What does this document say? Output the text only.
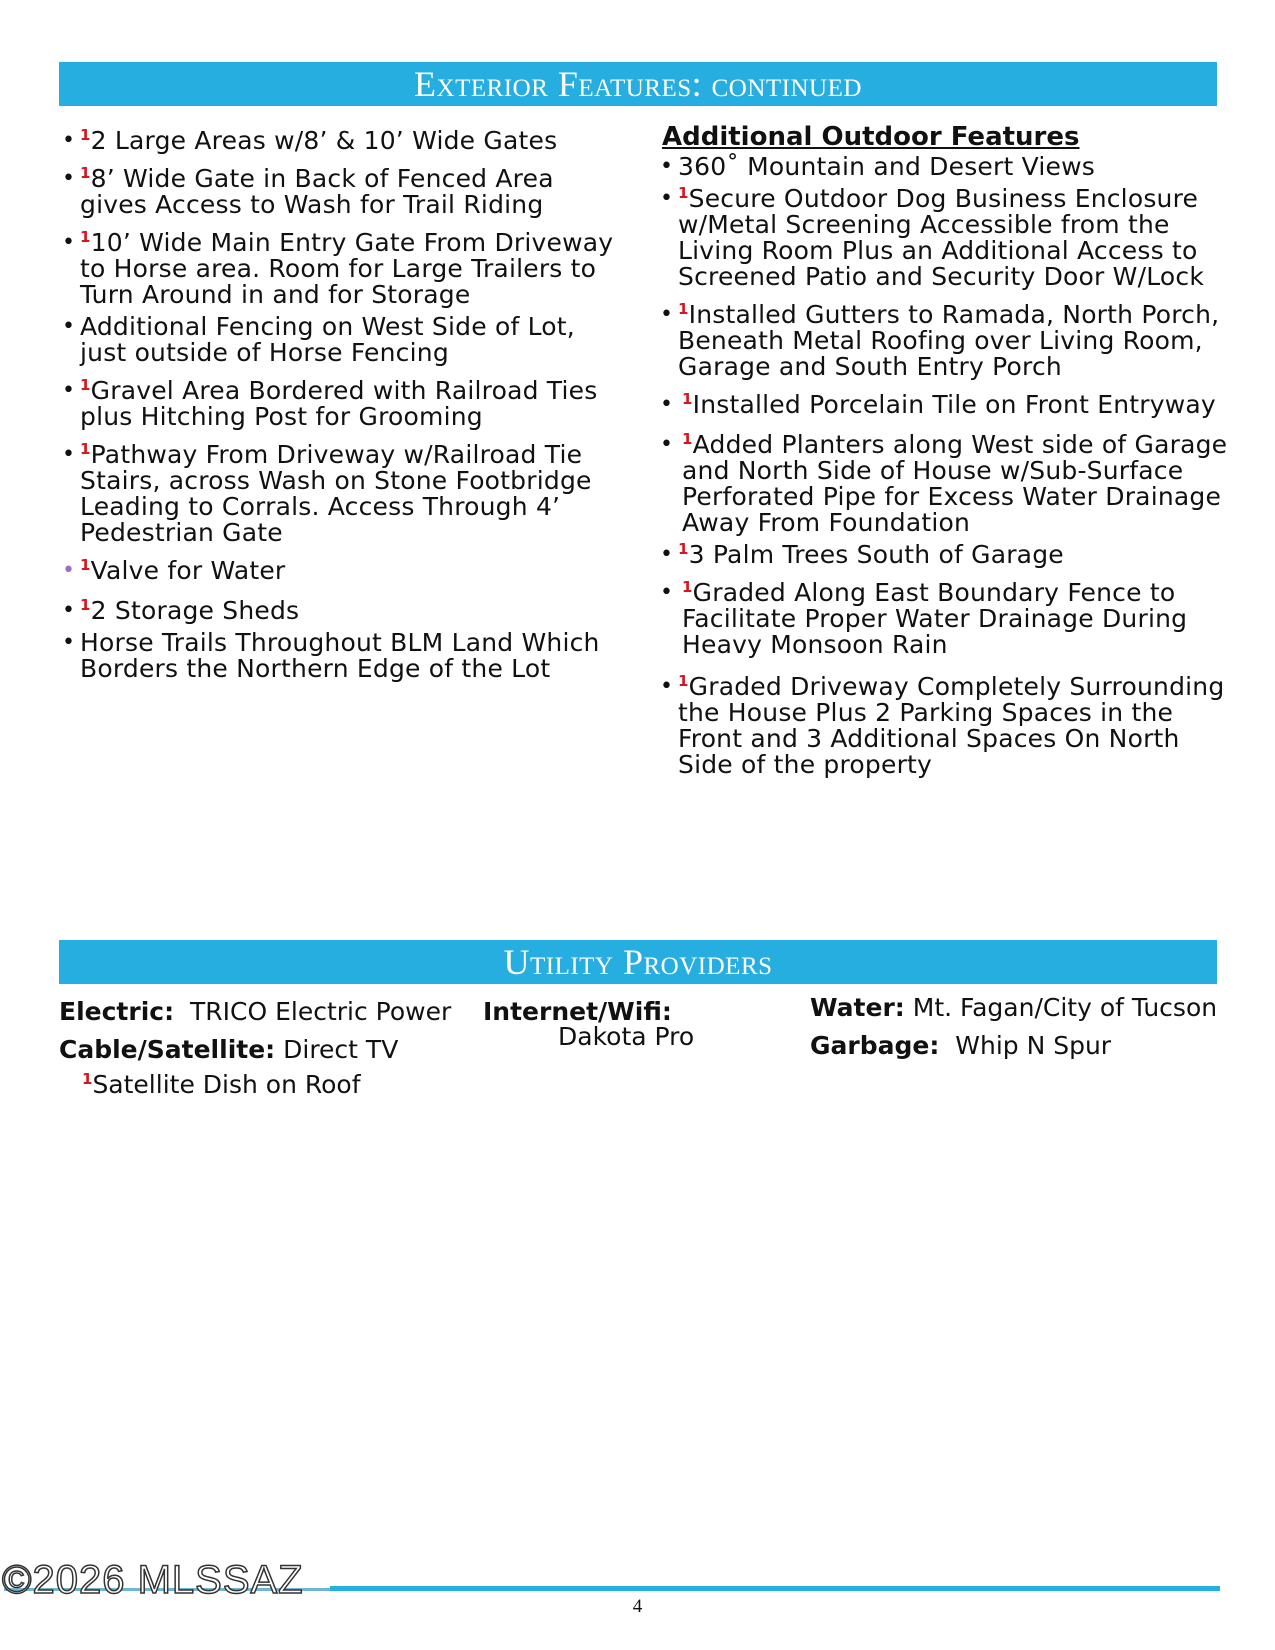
Exterior Features: continued
• $^1$2 Large Areas w/8’ & 10’ Wide Gates
• $^1$8’ Wide Gate in Back of Fenced Area gives Access to Wash for Trail Riding
• $^1$10’ Wide Main Entry Gate From Driveway to Horse area. Room for Large Trailers to Turn Around in and for Storage
• Additional Fencing on West Side of Lot, just outside of Horse Fencing
• $^1$Gravel Area Bordered with Railroad Ties plus Hitching Post for Grooming
• $^1$Pathway From Driveway w/Railroad Tie Stairs, across Wash on Stone Footbridge Leading to Corrals. Access Through 4’ Pedestrian Gate
• $^1$Valve for Water
• $^1$2 Storage Sheds
• Horse Trails Throughout BLM Land Which Borders the Northern Edge of the Lot
Additional Outdoor Features
• 360˚ Mountain and Desert Views
• $^1$Secure Outdoor Dog Business Enclosure w/Metal Screening Accessible from the Living Room Plus an Additional Access to Screened Patio and Security Door W/Lock
• $^1$Installed Gutters to Ramada, North Porch, Beneath Metal Roofing over Living Room, Garage and South Entry Porch
• $^1$Installed Porcelain Tile on Front Entryway
• $^1$Added Planters along West side of Garage and North Side of House w/Sub-Surface Perforated Pipe for Excess Water Drainage Away From Foundation
• $^1$3 Palm Trees South of Garage
• $^1$Graded Along East Boundary Fence to Facilitate Proper Water Drainage During Heavy Monsoon Rain
• $^1$Graded Driveway Completely Surrounding the House Plus 2 Parking Spaces in the Front and 3 Additional Spaces On North Side of the property
Utility Providers
Electric: TRICO Electric Power
Cable/Satellite: Direct TV
$^1$Satellite Dish on Roof
Internet/Wifi:
Dakota Pro
Water: Mt. Fagan/City of Tucson
Garbage: Whip N Spur
©2026 MLSSAZ
4
